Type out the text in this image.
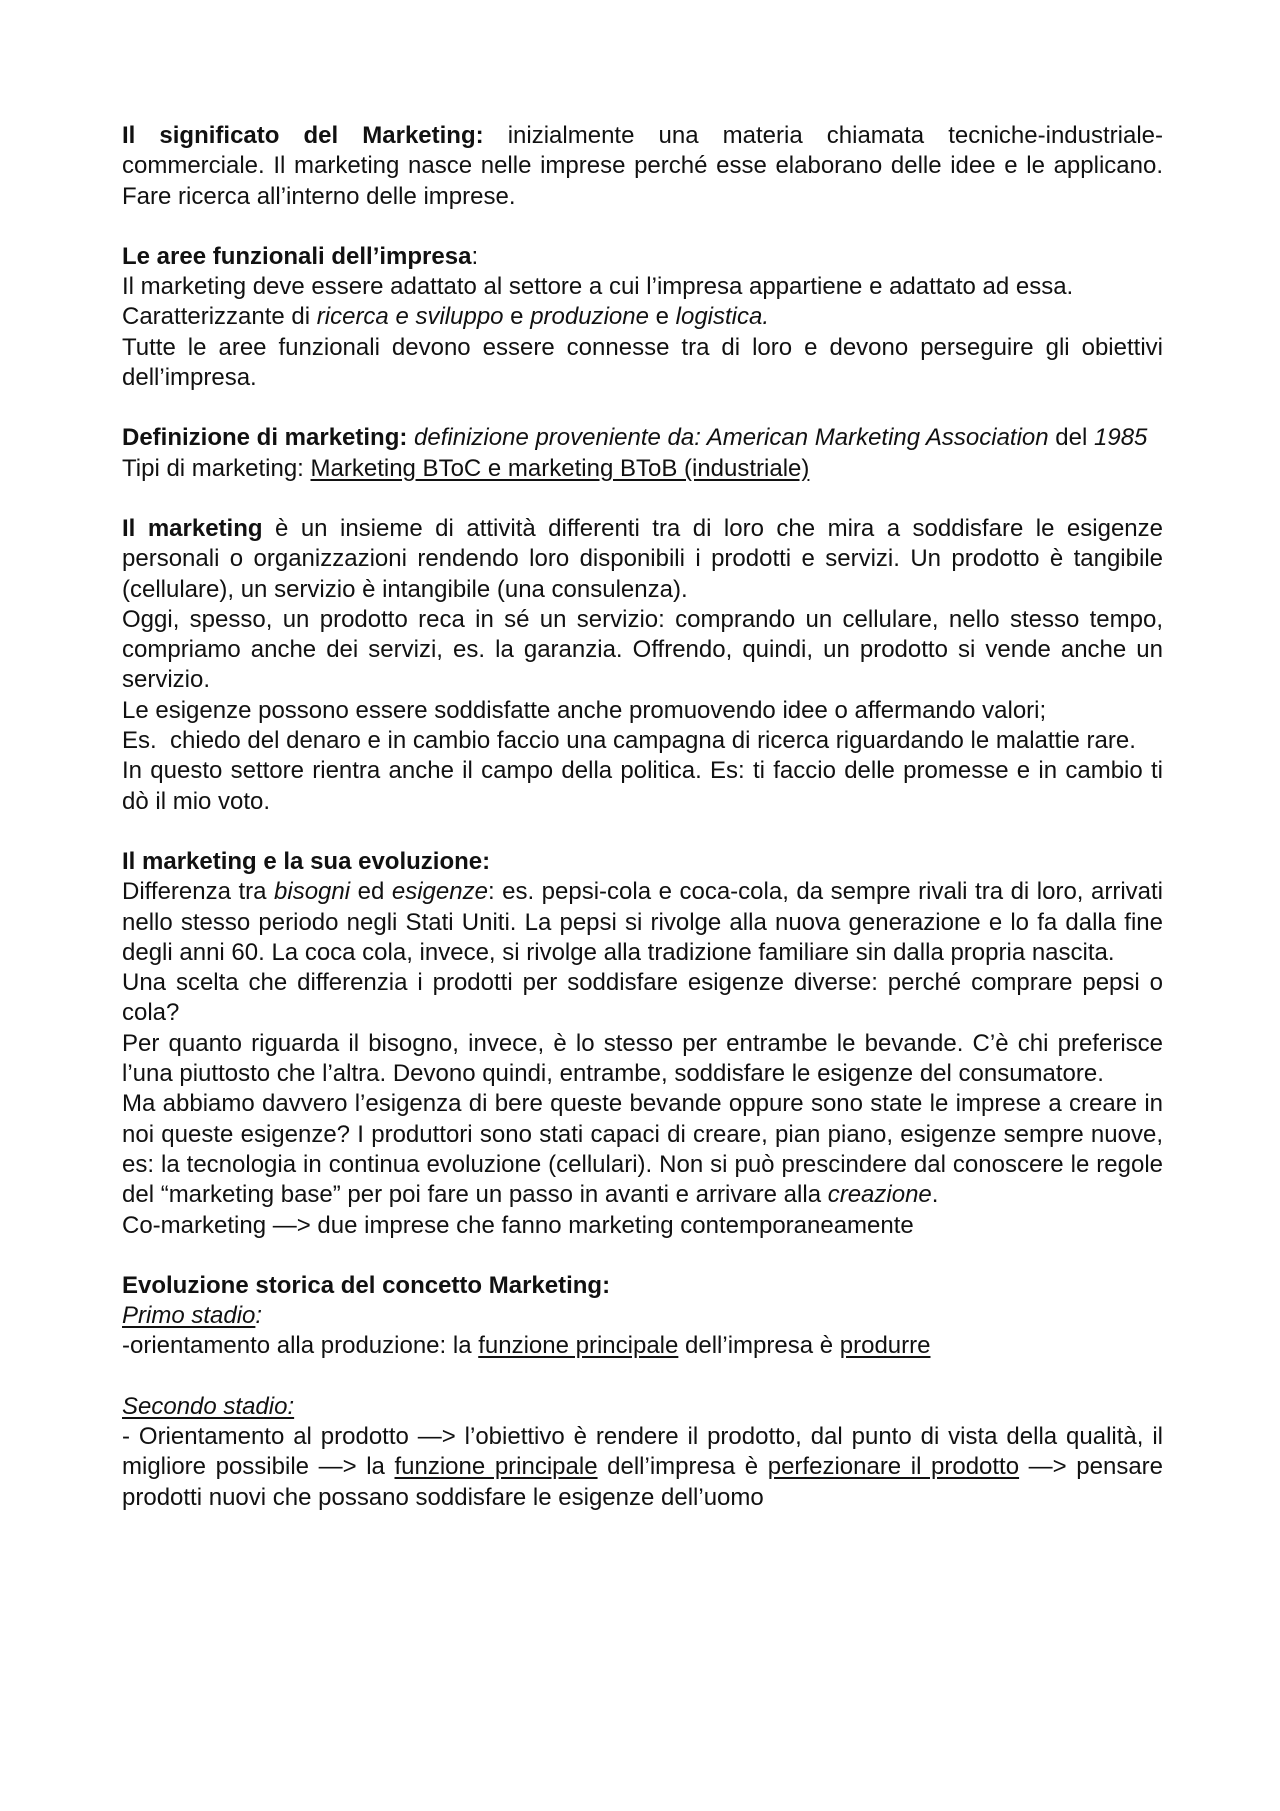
Il significato del Marketing: inizialmente una materia chiamata tecniche-industriale-commerciale. Il marketing nasce nelle imprese perché esse elaborano delle idee e le applicano. Fare ricerca all’interno delle imprese.

Le aree funzionali dell’impresa:

Il marketing deve essere adattato al settore a cui l’impresa appartiene e adattato ad essa.

Caratterizzante di ricerca e sviluppo e produzione e logistica.

Tutte le aree funzionali devono essere connesse tra di loro e devono perseguire gli obiettivi dell’impresa.

Definizione di marketing: definizione proveniente da: American Marketing Association del 1985

Tipi di marketing: Marketing BToC e marketing BToB (industriale)

Il marketing è un insieme di attività differenti tra di loro che mira a soddisfare le esigenze personali o organizzazioni rendendo loro disponibili i prodotti e servizi. Un prodotto è tangibile (cellulare), un servizio è intangibile (una consulenza).

Oggi, spesso, un prodotto reca in sé un servizio: comprando un cellulare, nello stesso tempo, compriamo anche dei servizi, es. la garanzia. Offrendo, quindi, un prodotto si vende anche un servizio.

Le esigenze possono essere soddisfatte anche promuovendo idee o affermando valori;

Es.  chiedo del denaro e in cambio faccio una campagna di ricerca riguardando le malattie rare.

In questo settore rientra anche il campo della politica. Es: ti faccio delle promesse e in cambio ti dò il mio voto.

Il marketing e la sua evoluzione:

Differenza tra bisogni ed esigenze: es. pepsi-cola e coca-cola, da sempre rivali tra di loro, arrivati nello stesso periodo negli Stati Uniti. La pepsi si rivolge alla nuova generazione e lo fa dalla fine degli anni 60. La coca cola, invece, si rivolge alla tradizione familiare sin dalla propria nascita.

Una scelta che differenzia i prodotti per soddisfare esigenze diverse: perché comprare pepsi o cola?

Per quanto riguarda il bisogno, invece, è lo stesso per entrambe le bevande. C’è chi preferisce l’una piuttosto che l’altra. Devono quindi, entrambe, soddisfare le esigenze del consumatore.

Ma abbiamo davvero l’esigenza di bere queste bevande oppure sono state le imprese a creare in noi queste esigenze? I produttori sono stati capaci di creare, pian piano, esigenze sempre nuove, es: la tecnologia in continua evoluzione (cellulari). Non si può prescindere dal conoscere le regole del “marketing base” per poi fare un passo in avanti e arrivare alla creazione.

Co-marketing —> due imprese che fanno marketing contemporaneamente

Evoluzione storica del concetto Marketing:

Primo stadio:

-orientamento alla produzione: la funzione principale dell’impresa è produrre

Secondo stadio:

- Orientamento al prodotto —> l’obiettivo è rendere il prodotto, dal punto di vista della qualità, il migliore possibile —> la funzione principale dell’impresa è perfezionare il prodotto —> pensare prodotti nuovi che possano soddisfare le esigenze dell’uomo
